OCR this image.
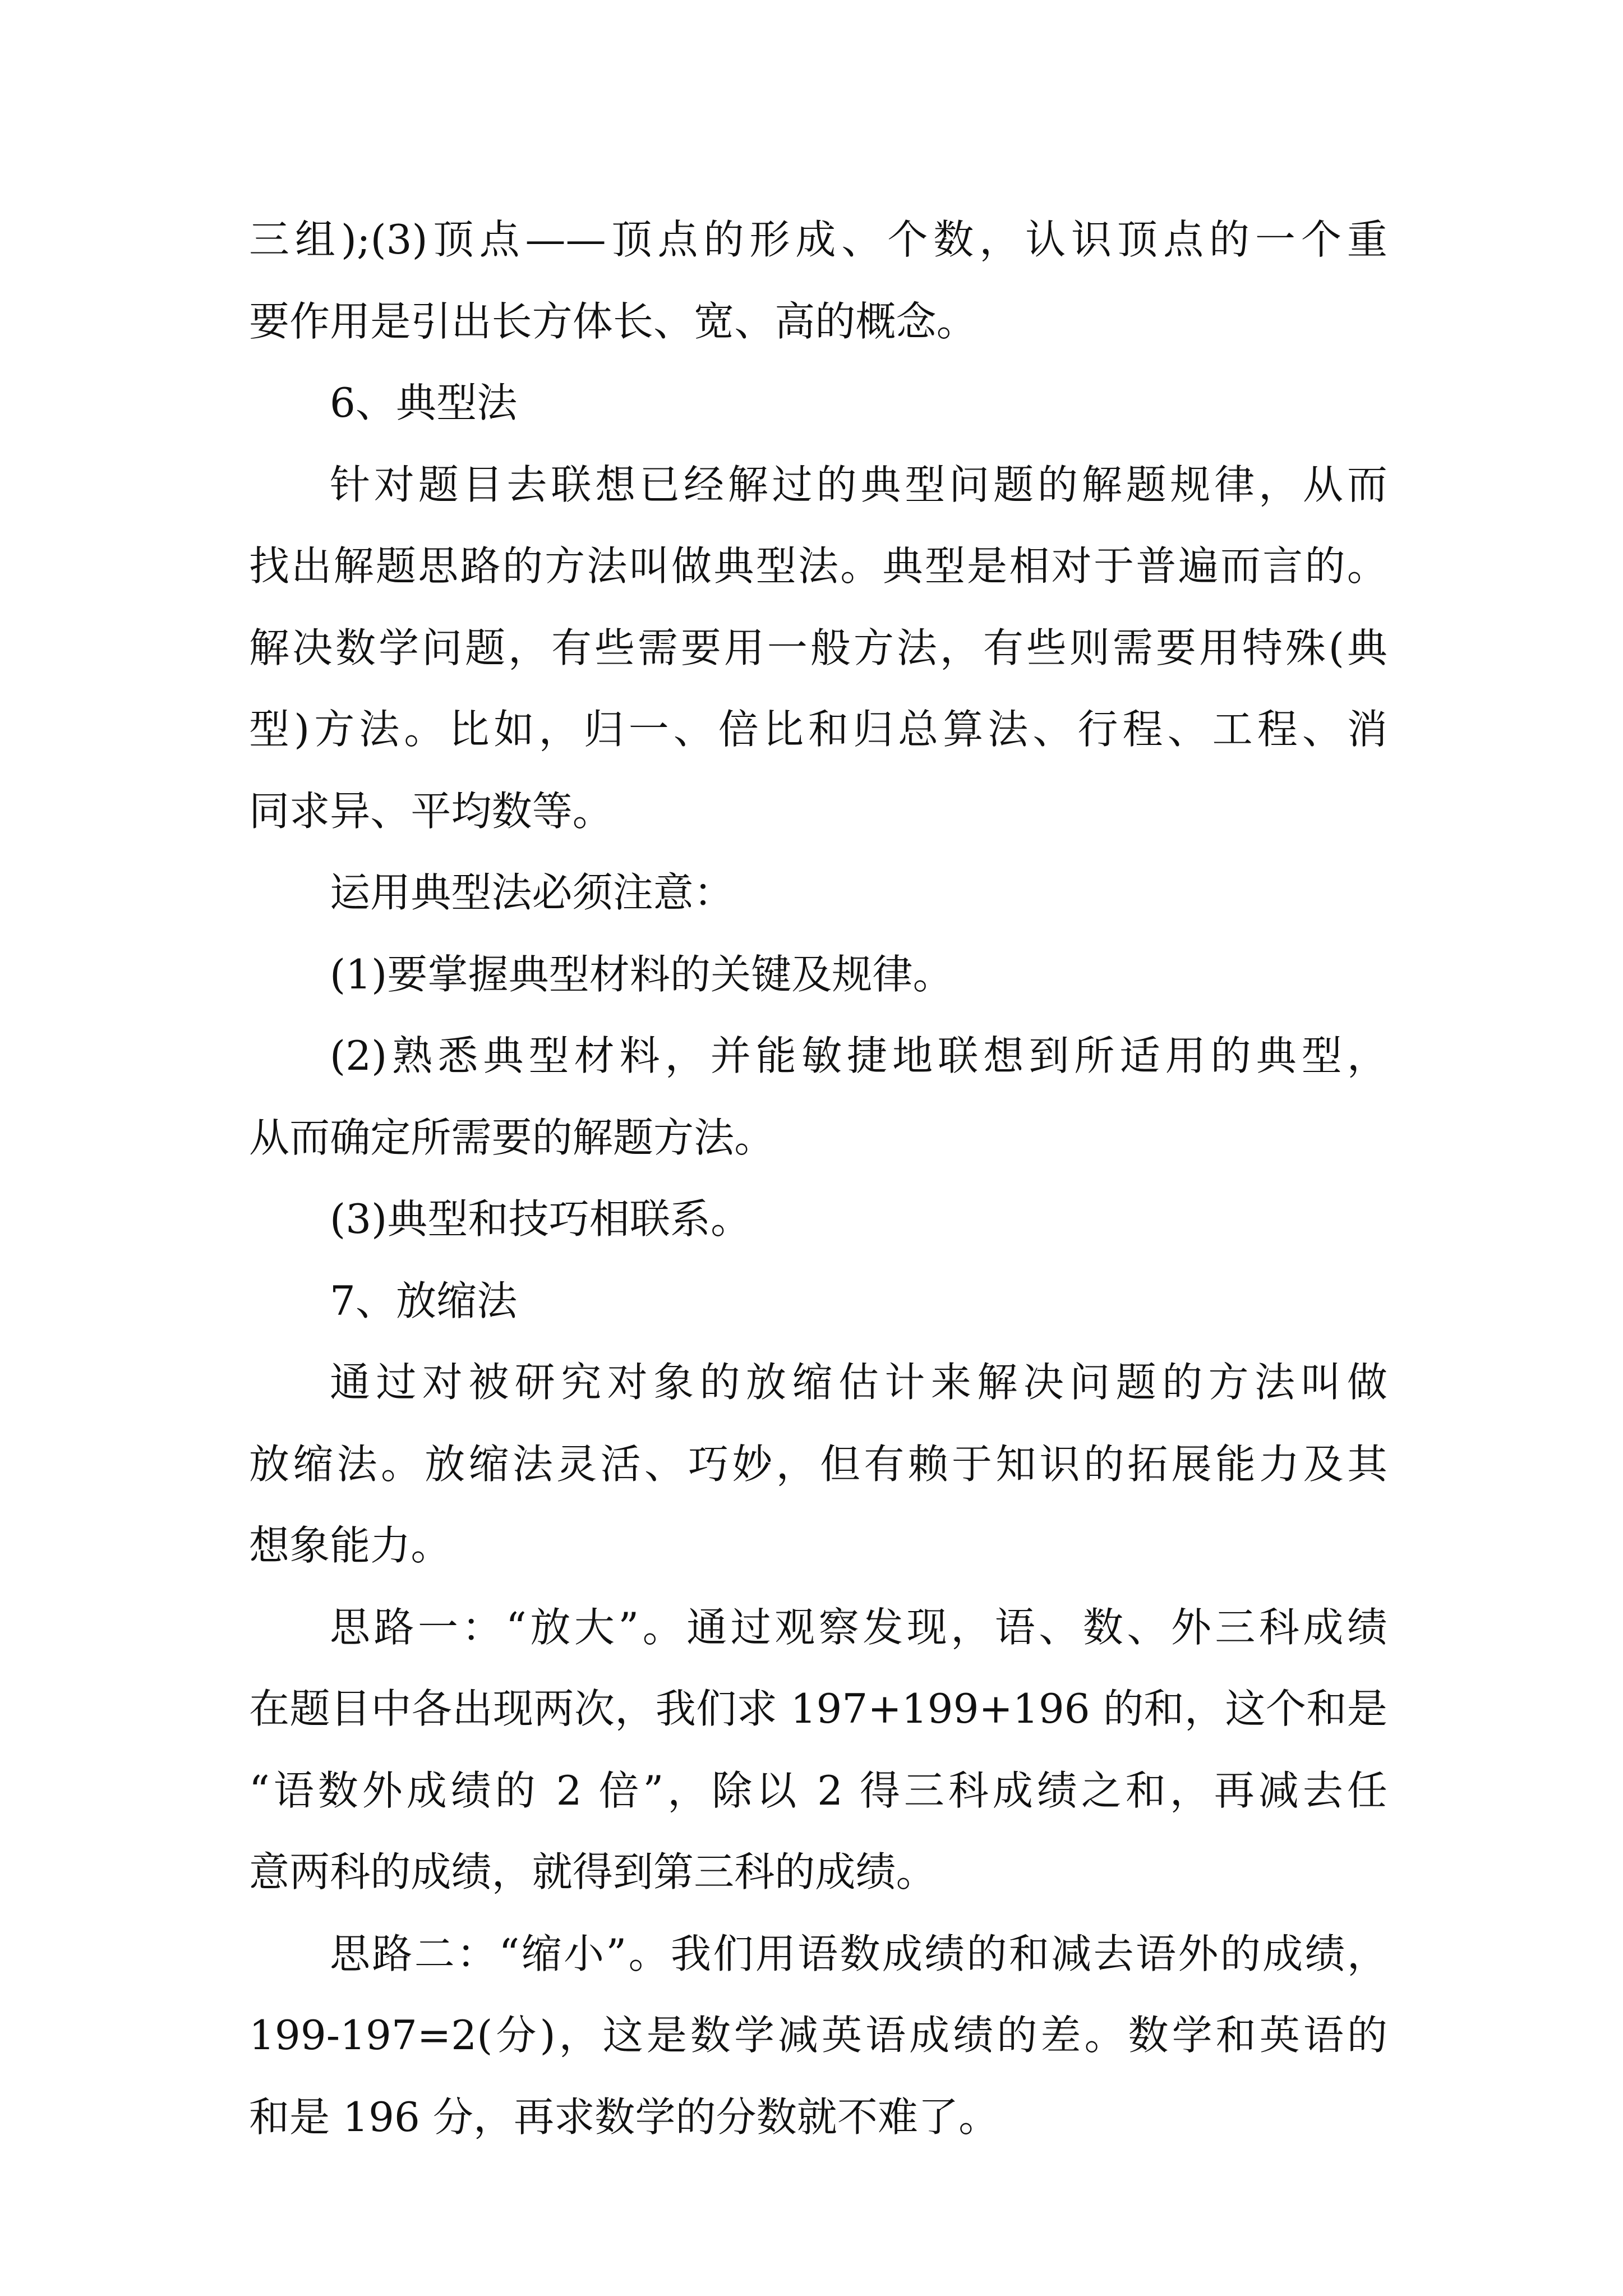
三组);(3)顶点——顶点的形成、个数，认识顶点的一个重
要作用是引出长方体长、宽、高的概念。
6、典型法
针对题目去联想已经解过的典型问题的解题规律，从而
找出解题思路的方法叫做典型法。典型是相对于普遍而言的。
解决数学问题，有些需要用一般方法，有些则需要用特殊(典
型)方法。比如，归一、倍比和归总算法、行程、工程、消
同求异、平均数等。
运用典型法必须注意：
(1)要掌握典型材料的关键及规律。
(2)熟悉典型材料，并能敏捷地联想到所适用的典型，
从而确定所需要的解题方法。
(3)典型和技巧相联系。
7、放缩法
通过对被研究对象的放缩估计来解决问题的方法叫做
放缩法。放缩法灵活、巧妙，但有赖于知识的拓展能力及其
想象能力。
思路一：“放大”。通过观察发现，语、数、外三科成绩
在题目中各出现两次，我们求 197+199+196 的和，这个和是
“语数外成绩的 2 倍”，除以 2 得三科成绩之和，再减去任
意两科的成绩，就得到第三科的成绩。
思路二：“缩小”。我们用语数成绩的和减去语外的成绩，
199-197=2(分)，这是数学减英语成绩的差。数学和英语的
和是 196 分，再求数学的分数就不难了。
